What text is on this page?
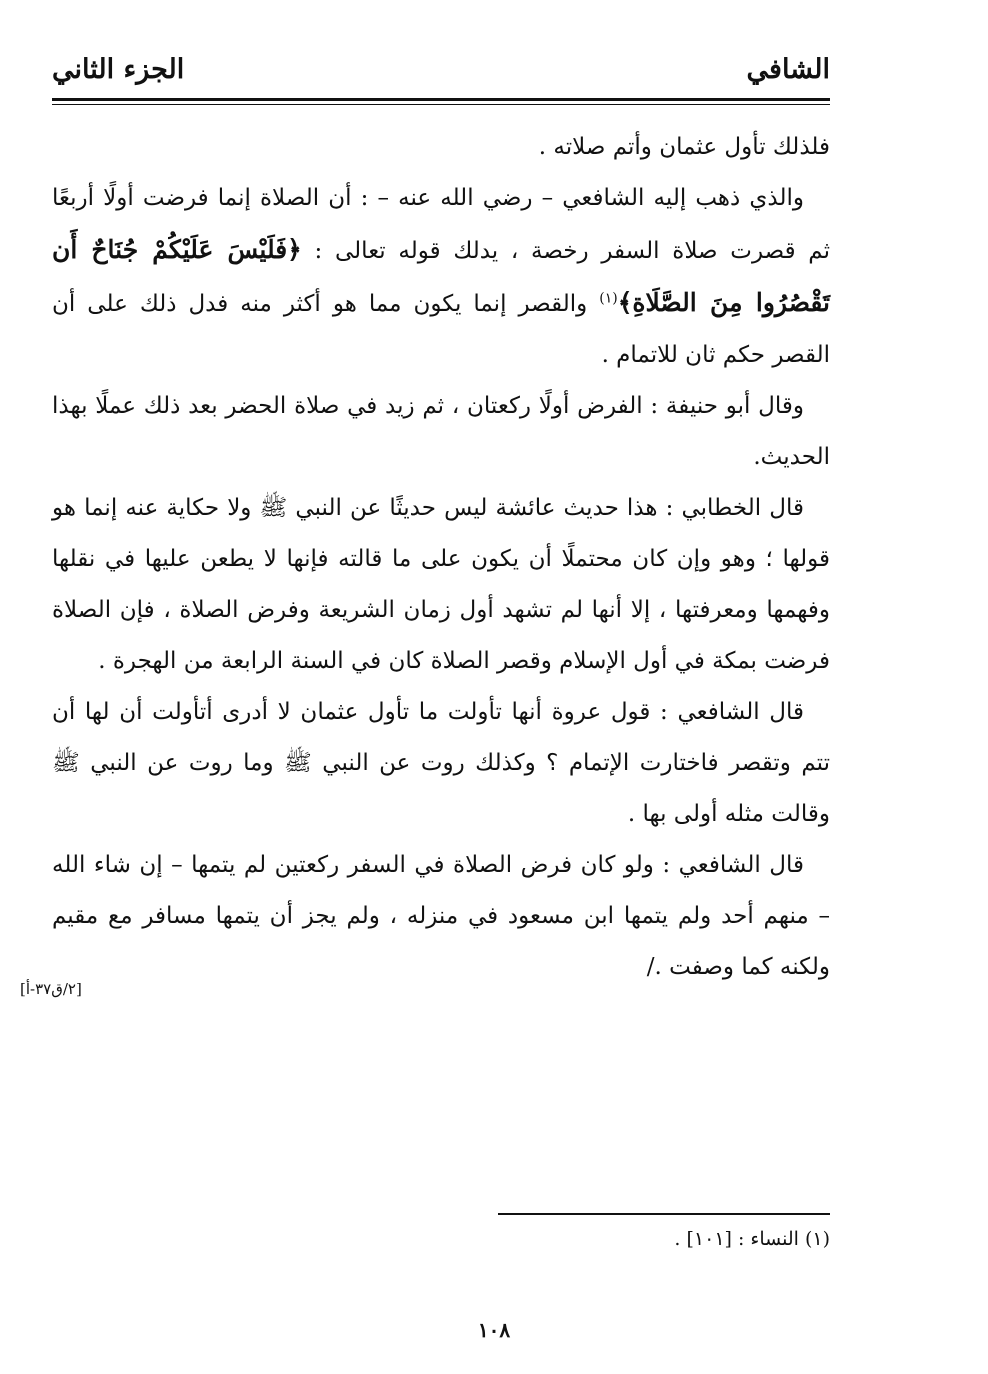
الشافي
الجزء الثاني

فلذلك تأول عثمان وأتم صلاته .

والذي ذهب إليه الشافعي – رضي الله عنه – : أن الصلاة إنما فرضت أولًا أربعًا ثم قصرت صلاة السفر رخصة ، يدلك قوله تعالى : ﴿فَلَيْسَ عَلَيْكُمْ جُنَاحٌ أَن تَقْصُرُوا مِنَ الصَّلَاةِ﴾$^{(١)}$ والقصر إنما يكون مما هو أكثر منه فدل ذلك على أن القصر حكم ثان للاتمام .

وقال أبو حنيفة : الفرض أولًا ركعتان ، ثم زيد في صلاة الحضر بعد ذلك عملًا بهذا الحديث.

قال الخطابي : هذا حديث عائشة ليس حديثًا عن النبي ﷺ ولا حكاية عنه إنما هو قولها ؛ وهو وإن كان محتملًا أن يكون على ما قالته فإنها لا يطعن عليها في نقلها وفهمها ومعرفتها ، إلا أنها لم تشهد أول زمان الشريعة وفرض الصلاة ، فإن الصلاة فرضت بمكة في أول الإسلام وقصر الصلاة كان في السنة الرابعة من الهجرة .

قال الشافعي : قول عروة أنها تأولت ما تأول عثمان لا أدرى أتأولت أن لها أن تتم وتقصر فاختارت الإتمام ؟ وكذلك روت عن النبي ﷺ وما روت عن النبي ﷺ وقالت مثله أولى بها .

قال الشافعي : ولو كان فرض الصلاة في السفر ركعتين لم يتمها – إن شاء الله – منهم أحد ولم يتمها ابن مسعود في منزله ، ولم يجز أن يتمها مسافر مع مقيم ولكنه كما وصفت ./

[٢/ق٣٧-أ]
(١) النساء : [١٠١] .
١٠٨
